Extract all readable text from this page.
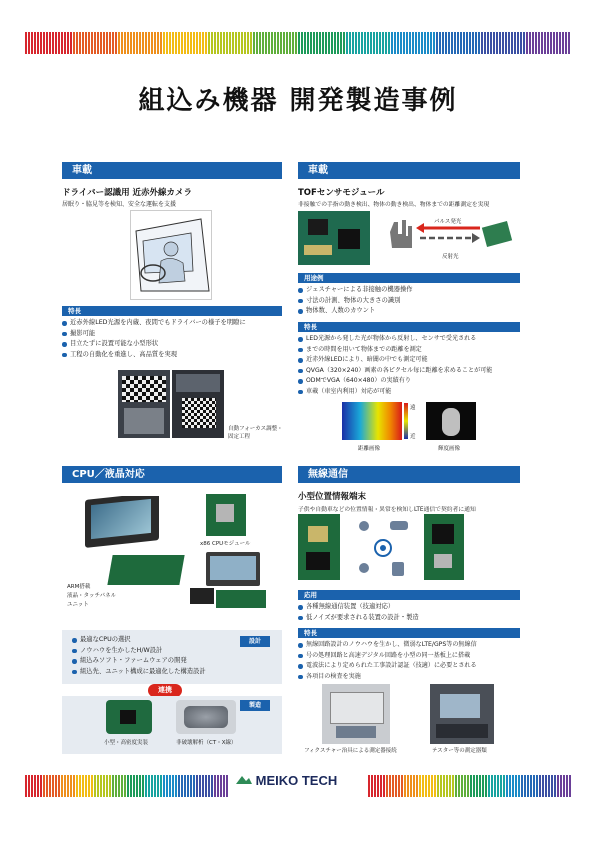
組込み機器 開発製造事例
車載
ドライバー認識用 近赤外線カメラ
居眠り・脇見等を検知、安全な運転を支援
特長
近赤外線LED光源を内蔵、夜間でもドライバーの様子を明瞭に
撮影可能
目立たずに設置可能な小型形状
工程の自動化を重進し、高品質を実現
自動フォーカス調整・
固定工程
車載
TOFセンサモジュール
非接触での手指の動き検出、物体の動き検出、物体までの距離測定を実現
パルス発光
反射光
用途例
ジェスチャーによる非接触の機器操作
寸法の計測、物体の大きさの識別
物体数、人数のカウント
特長
LED光源から発した光が物体から反射し、センサで受光される
までの時間を用いて物体までの距離を測定
近赤外線LEDにより、暗闇の中でも測定可能
QVGA（320×240）画素の各ピクセル毎に距離を求めることが可能
ODMでVGA（640×480）の実績有り
車載（車室内利用）対応が可能
遠
近
距離画像	輝度画像
CPU／液晶対応
x86 CPUモジュール
ARM搭載
液晶・タッチパネル
ユニット
設計
最適なCPUの選択
ノウハウを生かしたH/W設計
組込みソフト・ファームウェアの開発
組込先、ユニット構成に最適化した構造設計
連携
製造
小型・高密度実装	非破壊解析（CT・X線）
無線通信
小型位置情報端末
子供や自動車などの位置情報・異常を検知しLTE通信で契約者に通知
応用
各種無線通信装置（技適対応）
低ノイズが要求される装置の設計・製造
特長
無線回路設計のノウハウを生かし、微弱なLTE/GPS等の無線信
号の処理回路と高速デジタル回路を小型の同一基板上に搭載
電波法により定められた工事設計認証（技適）に必要とされる
各項目の検査を実施
フィクスチャー治具による測定器接続	テスター等の測定器類
MEIKO TECH
